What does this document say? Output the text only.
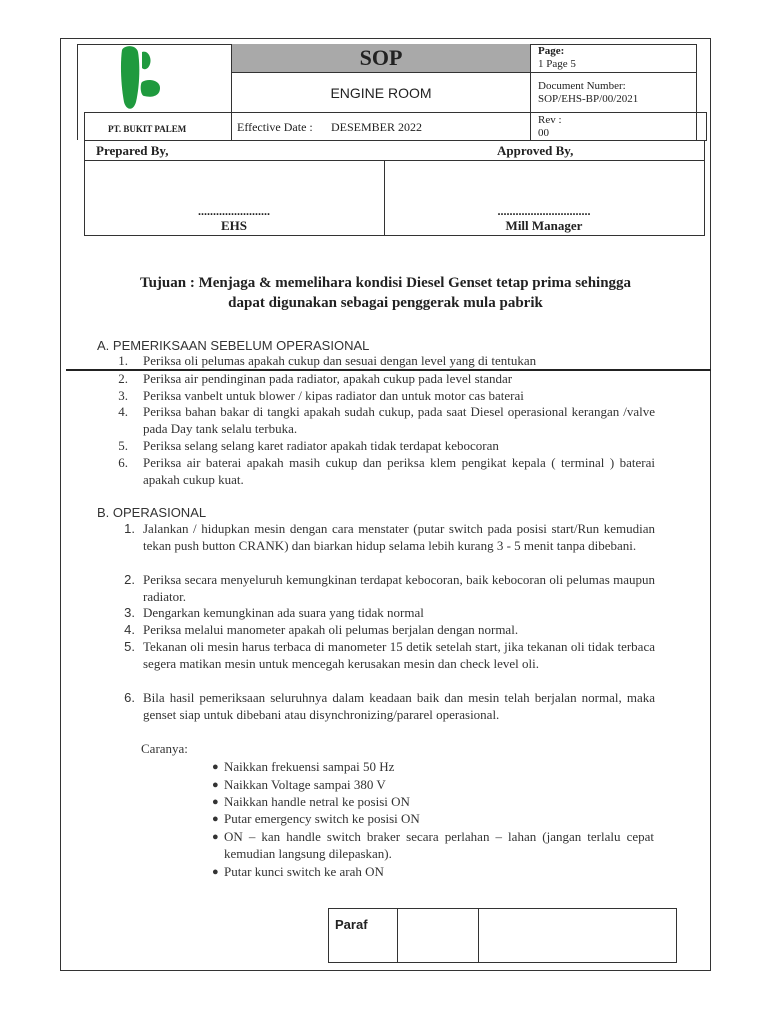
SOP
ENGINE ROOM
PT. BUKIT PALEM	Effective Date : DESEMBER 2022
Page:
1 Page 5
Document Number:
SOP/EHS-BP/00/2021
Rev :
00
Prepared By,	Approved By,
........................	...............................
EHS	Mill Manager
Tujuan : Menjaga & memelihara kondisi Diesel Genset tetap prima sehingga
dapat digunakan sebagai penggerak mula pabrik
A. PEMERIKSAAN SEBELUM OPERASIONAL
1. Periksa oli pelumas apakah cukup dan sesuai dengan level yang di tentukan
2. Periksa air pendinginan pada radiator, apakah cukup pada level standar
3. Periksa vanbelt untuk blower / kipas radiator dan untuk motor cas baterai
4. Periksa bahan bakar di tangki apakah sudah cukup, pada saat Diesel operasional kerangan /valve pada Day tank selalu terbuka.
5. Periksa selang selang karet radiator apakah tidak terdapat kebocoran
6. Periksa air baterai apakah masih cukup dan periksa klem pengikat kepala ( terminal ) baterai apakah cukup kuat.
B. OPERASIONAL
1. Jalankan / hidupkan mesin dengan cara menstater (putar switch pada posisi start/Run kemudian tekan push button CRANK) dan biarkan hidup selama lebih kurang 3 - 5 menit tanpa dibebani.
2. Periksa secara menyeluruh kemungkinan terdapat kebocoran, baik kebocoran oli pelumas maupun radiator.
3. Dengarkan kemungkinan ada suara yang tidak normal
4. Periksa melalui manometer apakah oli pelumas berjalan dengan normal.
5. Tekanan oli mesin harus terbaca di manometer 15 detik setelah start, jika tekanan oli tidak terbaca segera matikan mesin untuk mencegah kerusakan mesin dan check level oli.
6. Bila hasil pemeriksaan seluruhnya dalam keadaan baik dan mesin telah berjalan normal, maka genset siap untuk dibebani atau disynchronizing/pararel operasional.
Caranya:
● Naikkan frekuensi sampai 50 Hz
● Naikkan Voltage sampai 380 V
● Naikkan handle netral ke posisi ON
● Putar emergency switch ke posisi ON
● ON – kan handle switch braker secara perlahan – lahan (jangan terlalu cepat kemudian langsung dilepaskan).
● Putar kunci switch ke arah ON
Paraf
